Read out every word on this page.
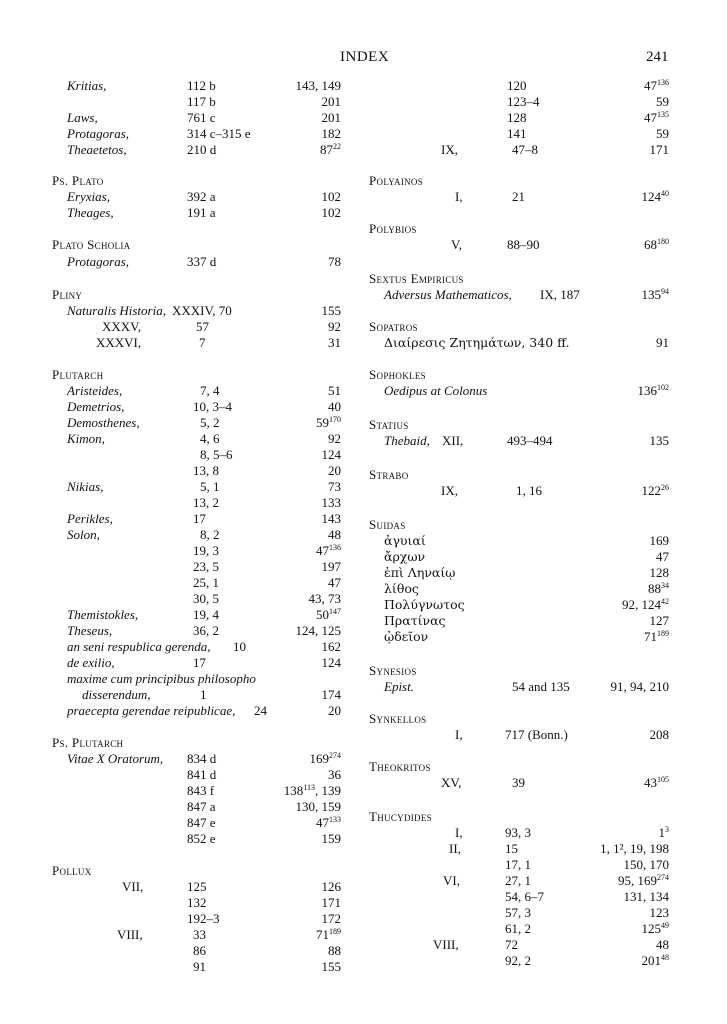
INDEX	241
Kritias,	112 b	143, 149
117 b	201
Laws,	761 c	201
Protagoras,	314 c–315 e	182
Theaetetos,	210 d	$87^{22}$
Ps. Plato
Eryxias,	392 a	102
Theages,	191 a	102
Plato Scholia
Protagoras,	337 d	78
Pliny
Naturalis Historia, XXXIV, 70	155
XXXV,	57	92
XXXVI,	7	31
Plutarch
Aristeides,	7, 4	51
Demetrios,	10, 3–4	40
Demosthenes,	5, 2	$59^{170}$
Kimon,	4, 6	92
8, 5–6	124
13, 8	20
Nikias,	5, 1	73
13, 2	133
Perikles,	17	143
Solon,	8, 2	48
19, 3	$47^{136}$
23, 5	197
25, 1	47
30, 5	43, 73
Themistokles,	19, 4	$50^{147}$
Theseus,	36, 2	124, 125
an seni respublica gerenda, 10	162
de exilio,	17	124
maxime cum principibus philosopho
disserendum,	1	174
praecepta gerendae reipublicae, 24	20
Ps. Plutarch
Vitae X Oratorum, 834 d	$169^{274}$
841 d	36
843 f	$138^{113}$, 139
847 a	130, 159
847 e	$47^{133}$
852 e	159
Pollux
VII,	125	126
132	171
192–3	172
VIII,	33	$71^{189}$
86	88
91	155
120	$47^{136}$
123–4	59
128	$47^{135}$
141	59
IX,	47–8	171
Polyainos
I,	21	$124^{40}$
Polybios
V,	88–90	$68^{180}$
Sextus Empiricus
Adversus Mathematicos, IX, 187	$135^{94}$
Sopatros
Διαίρεσις Ζητημάτων, 340 ff.	91
Sophokles
Oedipus at Colonus	$136^{102}$
Statius
Thebaid, XII,	493–494	135
Strabo
IX,	1, 16	$122^{26}$
Suidas
ἀγυιαί	169
ἄρχων	47
ἐπὶ Ληναίῳ	128
λίθος	$88^{34}$
Πολύγνωτος	92, $124^{42}$
Πρατίνας	127
ᾠδεῖον	$71^{189}$
Synesios
Epist.	54 and 135	91, 94, 210
Synkellos
I,	717 (Bonn.)	208
Theokritos
XV,	39	$43^{105}$
Thucydides
I,	93, 3	$1^3$
II,	15	1, 1², 19, 198
17, 1	150, 170
VI,	27, 1	95, $169^{274}$
54, 6–7	131, 134
57, 3	123
61, 2	$125^{49}$
VIII,	72	48
92, 2	$201^{48}$
